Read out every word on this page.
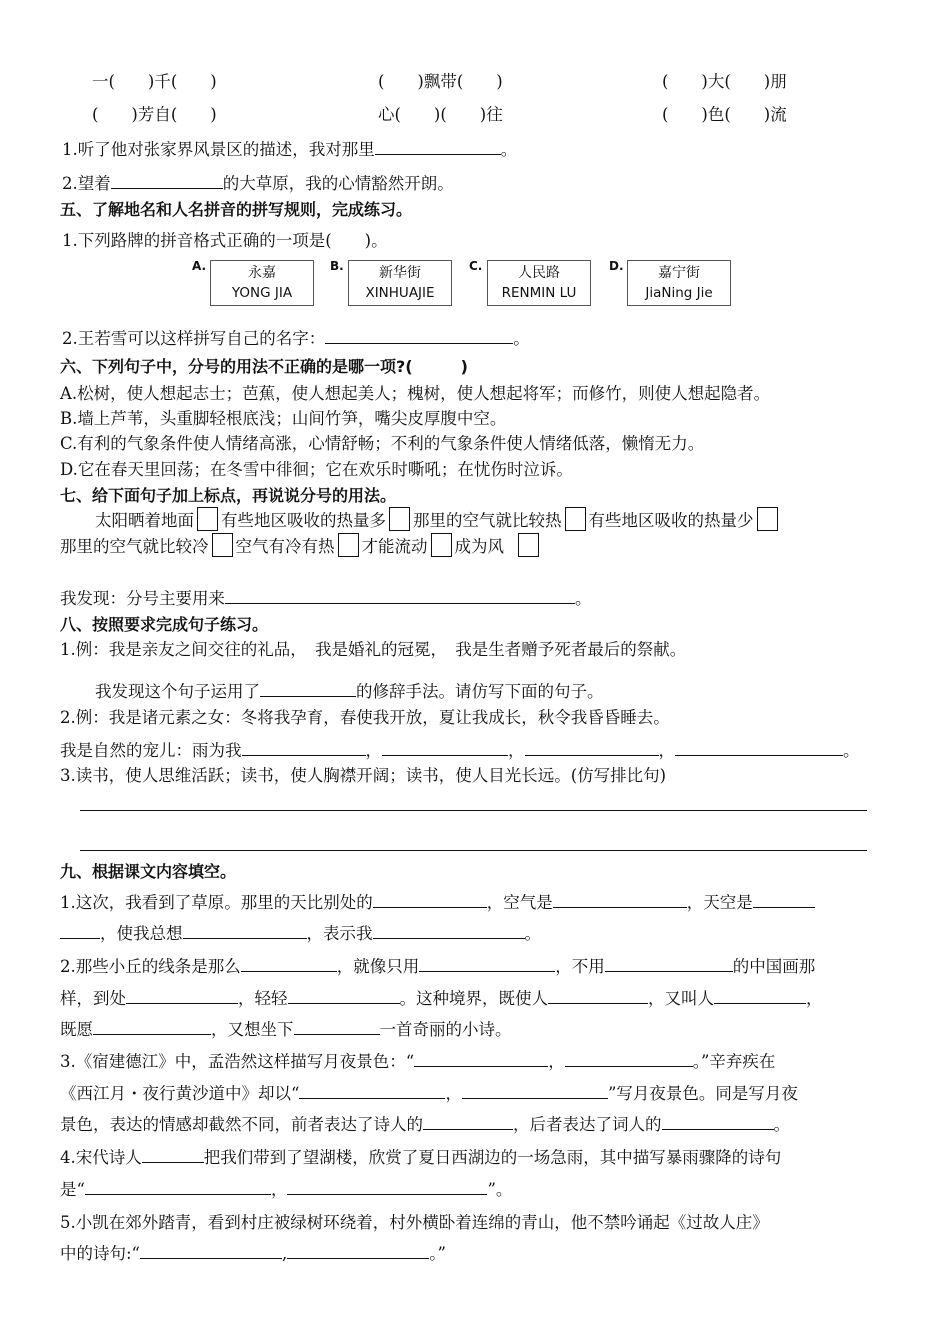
一(　　)千(　　)	(　　)飘带(　　)	(　　)大(　　)朋
(　　)芳自(　　)	心(　　)(　　)往	(　　)色(　　)流
1.听了他对张家界风景区的描述，我对那里	。
2.望着	的大草原，我的心情豁然开朗。
五、了解地名和人名拼音的拼写规则，完成练习。
1.下列路牌的拼音格式正确的一项是(　　)。
A.	永嘉
YONG JIA
B.	新华街
XINHUAJIE
C.	人民路
RENMIN LU
D.	嘉宁街
JiaNing Jie
2.王若雪可以这样拼写自己的名字：	。
六、下列句子中，分号的用法不正确的是哪一项?(　　　)
A.松树，使人想起志士；芭蕉，使人想起美人；槐树，使人想起将军；而修竹，则使人想起隐者。
B.墙上芦苇，头重脚轻根底浅；山间竹笋，嘴尖皮厚腹中空。
C.有利的气象条件使人情绪高涨，心情舒畅；不利的气象条件使人情绪低落，懒惰无力。
D.它在春天里回荡；在冬雪中徘徊；它在欢乐时嘶吼；在忧伤时泣诉。
七、给下面句子加上标点，再说说分号的用法。
太阳晒着地面 有些地区吸收的热量多 那里的空气就比较热 有些地区吸收的热量少
那里的空气就比较冷 空气有冷有热 才能流动 成为风
我发现：分号主要用来	。
八、按照要求完成句子练习。
1.例：我是亲友之间交往的礼品，　我是婚礼的冠冕，　我是生者赠予死者最后的祭献。
我发现这个句子运用了	的修辞手法。请仿写下面的句子。
2.例：我是诸元素之女：冬将我孕育，春使我开放，夏让我成长，秋令我昏昏睡去。
我是自然的宠儿：雨为我	，	，	，	。
3.读书，使人思维活跃；读书，使人胸襟开阔；读书，使人目光长远。(仿写排比句)
九、根据课文内容填空。
1.这次，我看到了草原。那里的天比别处的	，空气是	，天空是
，使我总想	，表示我	。
2.那些小丘的线条是那么	，就像只用	，不用	的中国画那
样，到处	，轻轻	。这种境界，既使人	，又叫人	，
既愿	，又想坐下	一首奇丽的小诗。
3.《宿建德江》中，孟浩然这样描写月夜景色：“	，	。”辛弃疾在
《西江月・夜行黄沙道中》却以“	，	”写月夜景色。同是写月夜
景色，表达的情感却截然不同，前者表达了诗人的	，后者表达了词人的	。
4.宋代诗人	把我们带到了望湖楼，欣赏了夏日西湖边的一场急雨，其中描写暴雨骤降的诗句
是“	，	”。
5.小凯在郊外踏青，看到村庄被绿树环绕着，村外横卧着连绵的青山，他不禁吟诵起《过故人庄》
中的诗句:“	,	。”
